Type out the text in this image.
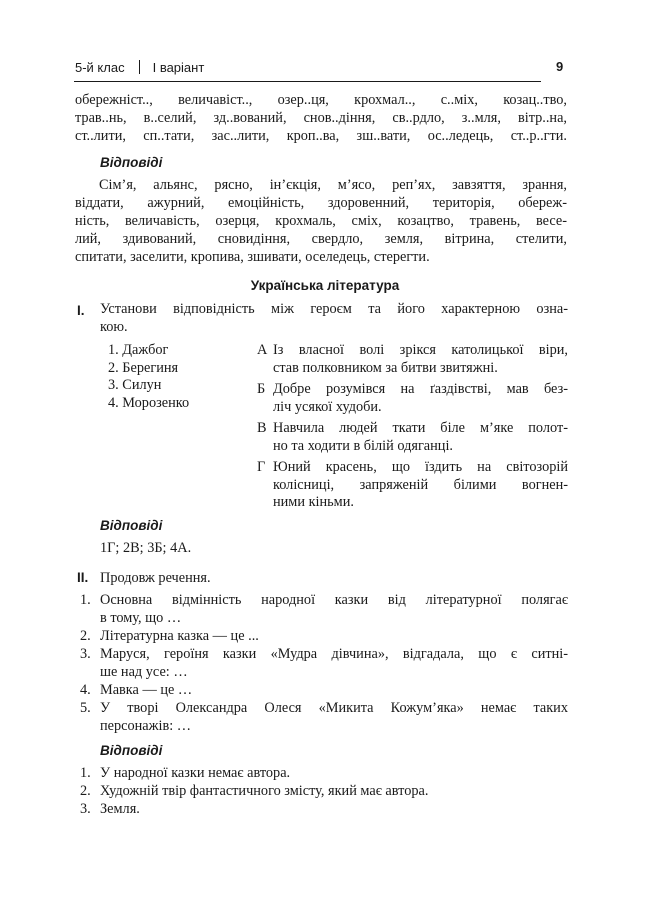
5-й клас І варіант	9
обережніст.., величавіст.., озер..ця, крохмал.., с..міх, козац..тво,
трав..нь, в..селий, зд..вований, снов..діння, св..рдло, з..мля, вітр..на,
ст..лити, сп..тати, зас..лити, кроп..ва, зш..вати, ос..ледець, ст..р..гти.
Відповіді
Сім’я, альянс, рясно, ін’єкція, м’ясо, реп’ях, завзяття, зрання,
віддати, ажурний, емоційність, здоровенний, територія, обереж-
ність, величавість, озерця, крохмаль, сміх, козацтво, травень, весе-
лий, здивований, сновидіння, свердло, земля, вітрина, стелити,
спитати, заселити, кропива, зшивати, оселедець, стерегти.
Українська література
I. Установи відповідність між героєм та його характерною озна-
кою.
1. Дажбог
2. Берегиня
3. Силун
4. Морозенко
А Із власної волі зрікся католицької віри,
став полковником за битви звитяжні.
Б Добре розумівся на ґаздівстві, мав без-
ліч усякої худоби.
В Навчила людей ткати біле м’яке полот-
но та ходити в білій одяганці.
Г Юний красень, що їздить на світозорій
колісниці, запряженій білими вогнен-
ними кіньми.
Відповіді
1Г; 2В; 3Б; 4А.
II. Продовж речення.
1. Основна відмінність народної казки від літературної полягає
в тому, що …
2. Літературна казка — це ...
3. Маруся, героїня казки «Мудра дівчина», відгадала, що є ситні-
ше над усе: …
4. Мавка — це …
5. У творі Олександра Олеся «Микита Кожум’яка» немає таких
персонажів: …
Відповіді
1. У народної казки немає автора.
2. Художній твір фантастичного змісту, який має автора.
3. Земля.
